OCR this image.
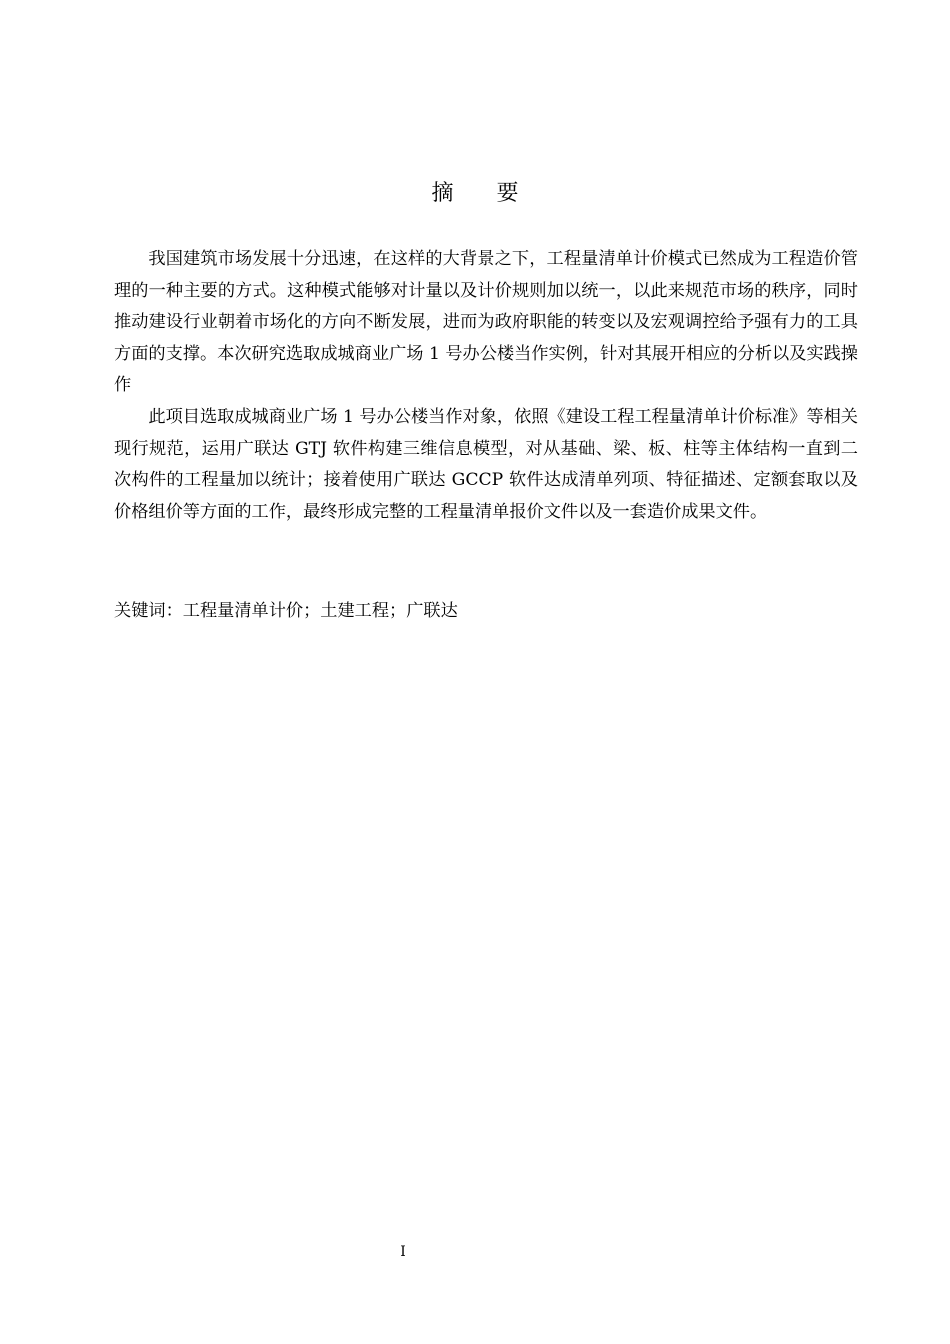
摘 要

我国建筑市场发展十分迅速，在这样的大背景之下，工程量清单计价模式已然成为工程造价管理的一种主要的方式。这种模式能够对计量以及计价规则加以统一，以此来规范市场的秩序，同时推动建设行业朝着市场化的方向不断发展，进而为政府职能的转变以及宏观调控给予强有力的工具方面的支撑。本次研究选取成城商业广场 1 号办公楼当作实例，针对其展开相应的分析以及实践操作

此项目选取成城商业广场 1 号办公楼当作对象，依照《建设工程工程量清单计价标准》等相关现行规范，运用广联达 GTJ 软件构建三维信息模型，对从基础、梁、板、柱等主体结构一直到二次构件的工程量加以统计；接着使用广联达 GCCP 软件达成清单列项、特征描述、定额套取以及价格组价等方面的工作，最终形成完整的工程量清单报价文件以及一套造价成果文件。

关键词：工程量清单计价；土建工程；广联达
I
